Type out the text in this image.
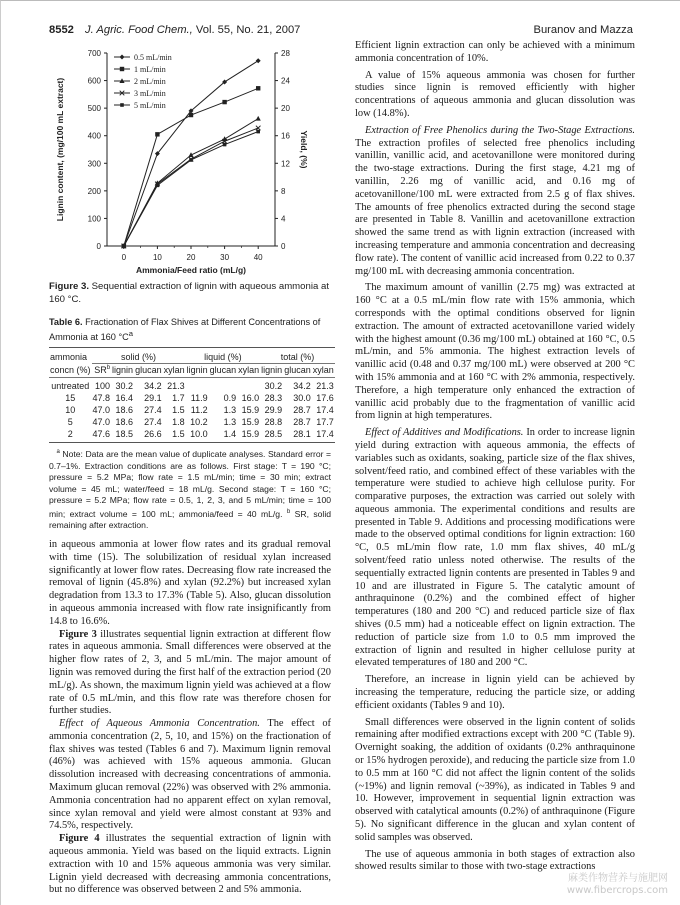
8552 J. Agric. Food Chem., Vol. 55, No. 21, 2007	Buranov and Mazza
0
100
200
300
400
500
600
700
0
4
8
12
16
20
24
28
0	10	20	30	40
Ammonia/Feed ratio (mL/g)
Lignin content, (mg/100 mL extract)	Yield, (%)
0.5 mL/min
1 mL/min
2 mL/min
3 mL/min
5 mL/min
Figure 3. Sequential extraction of lignin with aqueous ammonia at 160 °C.
Table 6. Fractionation of Flax Shives at Different Concentrations of Ammonia at 160 $^\circ C^a$
ammonia	solid (%)				liquid (%)			total (%)		
concn (%)	$SR^b$	lignin	glucan	xylan	lignin	glucan	xylan	lignin	glucan	xylan
untreated	100	30.2	34.2	21.3				30.2	34.2	21.3
15	47.8	16.4	29.1	1.7	11.9	0.9	16.0	28.3	30.0	17.6
10	47.0	18.6	27.4	1.5	11.2	1.3	15.9	29.9	28.7	17.4
5	47.0	18.6	27.4	1.8	10.2	1.3	15.9	28.8	28.7	17.7
2	47.6	18.5	26.6	1.5	10.0	1.4	15.9	28.5	28.1	17.4
$^a$ Note: Data are the mean value of duplicate analyses. Standard error = 0.7–1%. Extraction conditions are as follows. First stage: T = 190 °C; pressure = 5.2 MPa; flow rate = 1.5 mL/min; time = 30 min; extract volume = 45 mL; water/feed = 18 mL/g. Second stage: T = 160 °C; pressure = 5.2 MPa; flow rate = 0.5, 1, 2, 3, and 5 mL/min; time = 100 min; extract volume = 100 mL; ammonia/feed = 40 mL/g. $^b$ SR, solid remaining after extraction.

in aqueous ammonia at lower flow rates and its gradual removal with time (15). The solubilization of residual xylan increased significantly at lower flow rates. Decreasing flow rate increased the removal of lignin (45.8%) and xylan (92.2%) but increased xylan degradation from 13.3 to 17.3% (Table 5). Also, glucan dissolution in aqueous ammonia increased with flow rate insignificantly from 14.8 to 16.6%.

Figure 3 illustrates sequential lignin extraction at different flow rates in aqueous ammonia. Small differences were observed at the higher flow rates of 2, 3, and 5 mL/min. The major amount of lignin was removed during the first half of the extraction period (20 mL/g). As shown, the maximum lignin yield was achieved at a flow rate of 0.5 mL/min, and this flow rate was therefore chosen for further studies.

Effect of Aqueous Ammonia Concentration. The effect of ammonia concentration (2, 5, 10, and 15%) on the fractionation of flax shives was tested (Tables 6 and 7). Maximum lignin removal (46%) was achieved with 15% aqueous ammonia. Glucan dissolution increased with decreasing concentrations of ammonia. Maximum glucan removal (22%) was observed with 2% ammonia. Ammonia concentration had no apparent effect on xylan removal, since xylan removal and yield were almost constant at 93% and 74.5%, respectively.

Figure 4 illustrates the sequential extraction of lignin with aqueous ammonia. Yield was based on the liquid extracts. Lignin extraction with 10 and 15% aqueous ammonia was very similar. Lignin yield decreased with decreasing ammonia concentrations, but no difference was observed between 2 and 5% ammonia.

Efficient lignin extraction can only be achieved with a minimum ammonia concentration of 10%.

A value of 15% aqueous ammonia was chosen for further studies since lignin is removed efficiently with higher concentrations of aqueous ammonia and glucan dissolution was low (14.8%).

Extraction of Free Phenolics during the Two-Stage Extractions. The extraction profiles of selected free phenolics including vanillin, vanillic acid, and acetovanillone were monitored during the two-stage extractions. During the first stage, 4.21 mg of vanillin, 2.26 mg of vanillic acid, and 0.16 mg of acetovanillone/100 mL were extracted from 2.5 g of flax shives. The amounts of free phenolics extracted during the second stage are presented in Table 8. Vanillin and acetovanillone extraction showed the same trend as with lignin extraction (increased with increasing temperature and ammonia concentration and decreasing flow rate). The content of vanillic acid increased from 0.22 to 0.37 mg/100 mL with decreasing ammonia concentration.

The maximum amount of vanillin (2.75 mg) was extracted at 160 °C at a 0.5 mL/min flow rate with 15% ammonia, which corresponds with the optimal conditions observed for lignin extraction. The amount of extracted acetovanillone varied widely with the highest amount (0.36 mg/100 mL) obtained at 160 °C, 0.5 mL/min, and 5% ammonia. The highest extraction levels of vanillic acid (0.48 and 0.37 mg/100 mL) were observed at 200 °C with 15% ammonia and at 160 °C with 2% ammonia, respectively. Therefore, a high temperature only enhanced the extraction of vanillic acid probably due to the fragmentation of vanillic acid from lignin at high temperatures.

Effect of Additives and Modifications. In order to increase lignin yield during extraction with aqueous ammonia, the effects of variables such as oxidants, soaking, particle size of the flax shives, solvent/feed ratio, and combined effect of these variables with the temperature were studied to achieve high cellulose purity. For comparative purposes, the extraction was carried out solely with aqueous ammonia. The experimental conditions and results are presented in Table 9. Additions and processing modifications were made to the observed optimal conditions for lignin extraction: 160 °C, 0.5 mL/min flow rate, 1.0 mm flax shives, 40 mL/g solvent/feed ratio unless noted otherwise. The results of the sequentially extracted lignin contents are presented in Tables 9 and 10 and are illustrated in Figure 5. The catalytic amount of anthraquinone (0.2%) and the combined effect of higher temperatures (180 and 200 °C) and reduced particle size of flax shives (0.5 mm) had a noticeable effect on lignin extraction. The reduction of particle size from 1.0 to 0.5 mm improved the extraction of lignin and resulted in higher cellulose purity at elevated temperatures of 180 and 200 °C.

Therefore, an increase in lignin yield can be achieved by increasing the temperature, reducing the particle size, or adding efficient oxidants (Tables 9 and 10).

Small differences were observed in the lignin content of solids remaining after modified extractions except with 200 °C (Table 9). Overnight soaking, the addition of oxidants (0.2% anthraquinone or 15% hydrogen peroxide), and reducing the particle size from 1.0 to 0.5 mm at 160 °C did not affect the lignin content of the solids (~19%) and lignin removal (~39%), as indicated in Tables 9 and 10. However, improvement in sequential lignin extraction was observed with catalytical amounts (0.2%) of anthraquinone (Figure 5). No significant difference in the glucan and xylan content of solid samples was observed.

The use of aqueous ammonia in both stages of extraction also showed results similar to those with two-stage extractions

麻类作物营养与施肥网
www.fibercrops.com
